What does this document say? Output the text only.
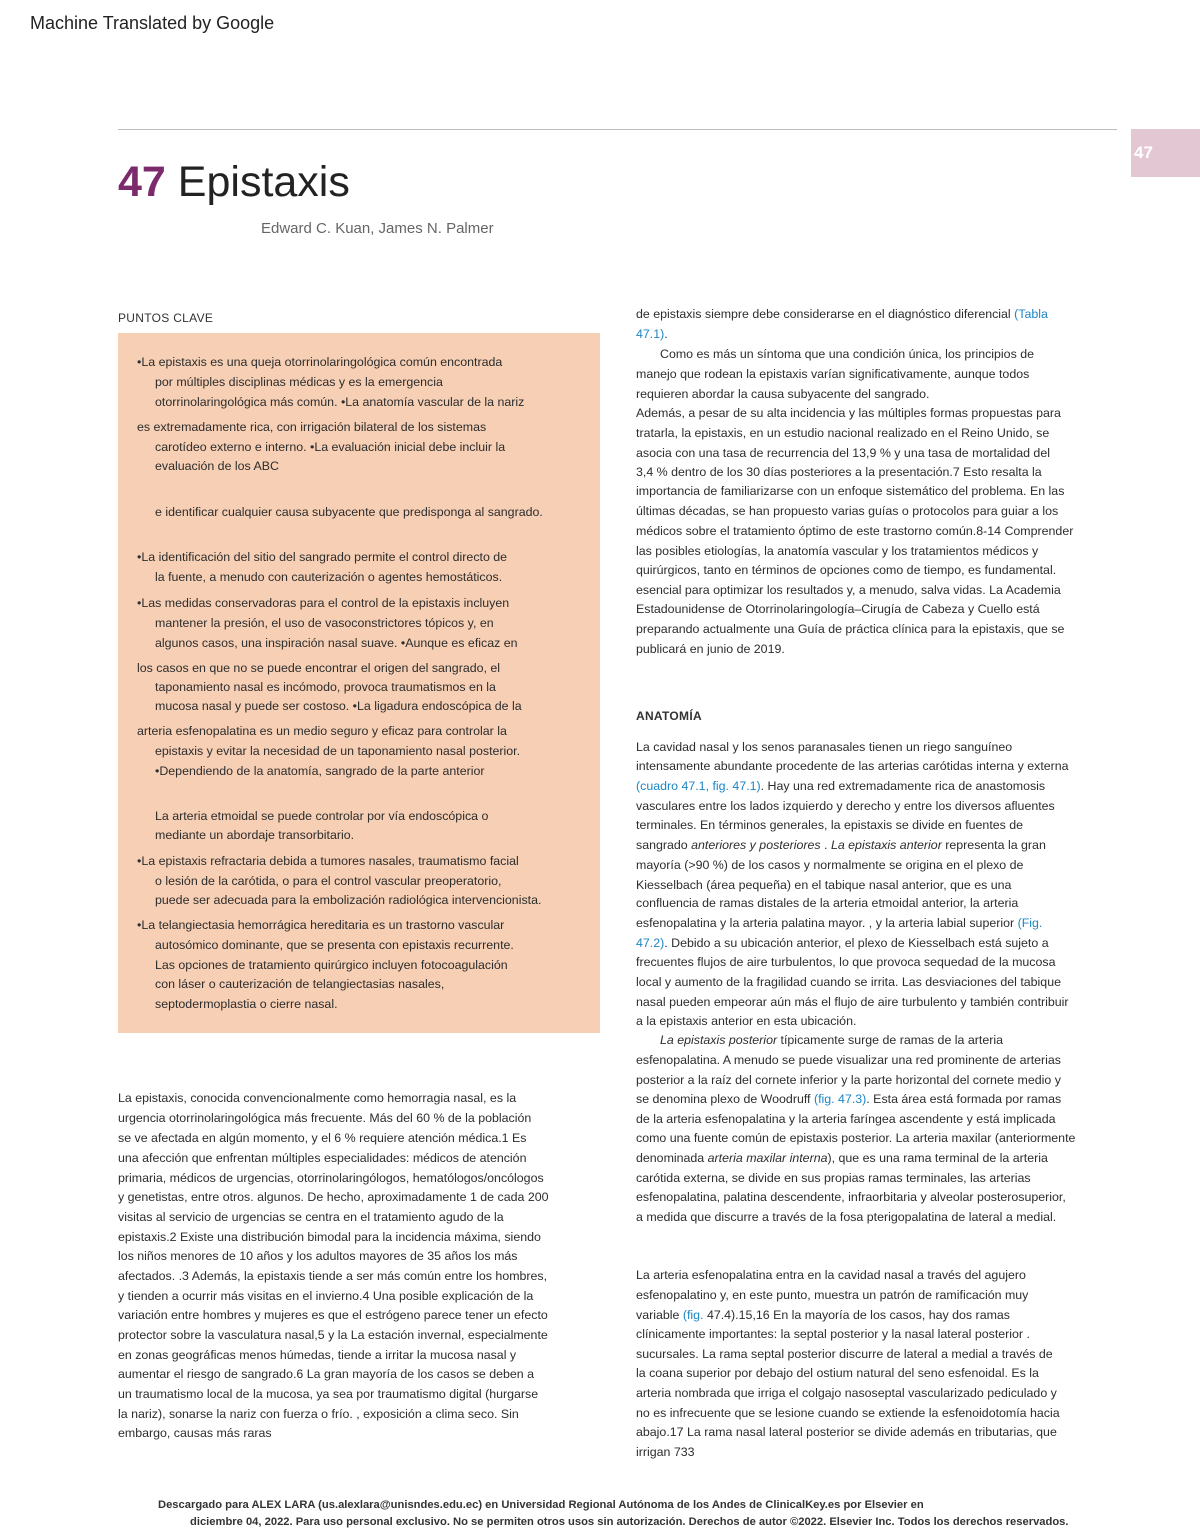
Machine Translated by Google
47
47 Epistaxis
Edward C. Kuan, James N. Palmer
PUNTOS CLAVE
•La epistaxis es una queja otorrinolaringológica común encontrada
por múltiples disciplinas médicas y es la emergencia
otorrinolaringológica más común. •La anatomía vascular de la nariz
es extremadamente rica, con irrigación bilateral de los sistemas
carotídeo externo e interno. •La evaluación inicial debe incluir la
evaluación de los ABC
e identificar cualquier causa subyacente que predisponga al sangrado.
•La identificación del sitio del sangrado permite el control directo de
la fuente, a menudo con cauterización o agentes hemostáticos.
•Las medidas conservadoras para el control de la epistaxis incluyen
mantener la presión, el uso de vasoconstrictores tópicos y, en
algunos casos, una inspiración nasal suave. •Aunque es eficaz en
los casos en que no se puede encontrar el origen del sangrado, el
taponamiento nasal es incómodo, provoca traumatismos en la
mucosa nasal y puede ser costoso. •La ligadura endoscópica de la
arteria esfenopalatina es un medio seguro y eficaz para controlar la
epistaxis y evitar la necesidad de un taponamiento nasal posterior.
•Dependiendo de la anatomía, sangrado de la parte anterior
La arteria etmoidal se puede controlar por vía endoscópica o
mediante un abordaje transorbitario.
•La epistaxis refractaria debida a tumores nasales, traumatismo facial
o lesión de la carótida, o para el control vascular preoperatorio,
puede ser adecuada para la embolización radiológica intervencionista.
•La telangiectasia hemorrágica hereditaria es un trastorno vascular
autosómico dominante, que se presenta con epistaxis recurrente.
Las opciones de tratamiento quirúrgico incluyen fotocoagulación
con láser o cauterización de telangiectasias nasales,
septodermoplastia o cierre nasal.
La epistaxis, conocida convencionalmente como hemorragia nasal, es la
urgencia otorrinolaringológica más frecuente. Más del 60 % de la población
se ve afectada en algún momento, y el 6 % requiere atención médica.1 Es
una afección que enfrentan múltiples especialidades: médicos de atención
primaria, médicos de urgencias, otorrinolaringólogos, hematólogos/oncólogos
y genetistas, entre otros. algunos. De hecho, aproximadamente 1 de cada 200
visitas al servicio de urgencias se centra en el tratamiento agudo de la
epistaxis.2 Existe una distribución bimodal para la incidencia máxima, siendo
los niños menores de 10 años y los adultos mayores de 35 años los más
afectados. .3 Además, la epistaxis tiende a ser más común entre los hombres,
y tienden a ocurrir más visitas en el invierno.4 Una posible explicación de la
variación entre hombres y mujeres es que el estrógeno parece tener un efecto
protector sobre la vasculatura nasal,5 y la La estación invernal, especialmente
en zonas geográficas menos húmedas, tiende a irritar la mucosa nasal y
aumentar el riesgo de sangrado.6 La gran mayoría de los casos se deben a
un traumatismo local de la mucosa, ya sea por traumatismo digital (hurgarse
la nariz), sonarse la nariz con fuerza o frío. , exposición a clima seco. Sin
embargo, causas más raras
de epistaxis siempre debe considerarse en el diagnóstico diferencial (Tabla
47.1).
Como es más un síntoma que una condición única, los principios de
manejo que rodean la epistaxis varían significativamente, aunque todos
requieren abordar la causa subyacente del sangrado.
Además, a pesar de su alta incidencia y las múltiples formas propuestas para
tratarla, la epistaxis, en un estudio nacional realizado en el Reino Unido, se
asocia con una tasa de recurrencia del 13,9 % y una tasa de mortalidad del
3,4 % dentro de los 30 días posteriores a la presentación.7 Esto resalta la
importancia de familiarizarse con un enfoque sistemático del problema. En las
últimas décadas, se han propuesto varias guías o protocolos para guiar a los
médicos sobre el tratamiento óptimo de este trastorno común.8-14 Comprender
las posibles etiologías, la anatomía vascular y los tratamientos médicos y
quirúrgicos, tanto en términos de opciones como de tiempo, es fundamental.
esencial para optimizar los resultados y, a menudo, salva vidas. La Academia
Estadounidense de Otorrinolaringología–Cirugía de Cabeza y Cuello está
preparando actualmente una Guía de práctica clínica para la epistaxis, que se
publicará en junio de 2019.
ANATOMÍA
La cavidad nasal y los senos paranasales tienen un riego sanguíneo
intensamente abundante procedente de las arterias carótidas interna y externa
(cuadro 47.1, fig. 47.1). Hay una red extremadamente rica de anastomosis
vasculares entre los lados izquierdo y derecho y entre los diversos afluentes
terminales. En términos generales, la epistaxis se divide en fuentes de
sangrado anteriores y posteriores . La epistaxis anterior representa la gran
mayoría (>90 %) de los casos y normalmente se origina en el plexo de
Kiesselbach (área pequeña) en el tabique nasal anterior, que es una
confluencia de ramas distales de la arteria etmoidal anterior, la arteria
esfenopalatina y la arteria palatina mayor. , y la arteria labial superior (Fig.
47.2). Debido a su ubicación anterior, el plexo de Kiesselbach está sujeto a
frecuentes flujos de aire turbulentos, lo que provoca sequedad de la mucosa
local y aumento de la fragilidad cuando se irrita. Las desviaciones del tabique
nasal pueden empeorar aún más el flujo de aire turbulento y también contribuir
a la epistaxis anterior en esta ubicación.
La epistaxis posterior típicamente surge de ramas de la arteria
esfenopalatina. A menudo se puede visualizar una red prominente de arterias
posterior a la raíz del cornete inferior y la parte horizontal del cornete medio y
se denomina plexo de Woodruff (fig. 47.3). Esta área está formada por ramas
de la arteria esfenopalatina y la arteria faríngea ascendente y está implicada
como una fuente común de epistaxis posterior. La arteria maxilar (anteriormente
denominada arteria maxilar interna), que es una rama terminal de la arteria
carótida externa, se divide en sus propias ramas terminales, las arterias
esfenopalatina, palatina descendente, infraorbitaria y alveolar posterosuperior,
a medida que discurre a través de la fosa pterigopalatina de lateral a medial.
La arteria esfenopalatina entra en la cavidad nasal a través del agujero
esfenopalatino y, en este punto, muestra un patrón de ramificación muy
variable (fig. 47.4).15,16 En la mayoría de los casos, hay dos ramas
clínicamente importantes: la septal posterior y la nasal lateral posterior .
sucursales. La rama septal posterior discurre de lateral a medial a través de
la coana superior por debajo del ostium natural del seno esfenoidal. Es la
arteria nombrada que irriga el colgajo nasoseptal vascularizado pediculado y
no es infrecuente que se lesione cuando se extiende la esfenoidotomía hacia
abajo.17 La rama nasal lateral posterior se divide además en tributarias, que
irrigan 733
Descargado para ALEX LARA (us.alexlara@unisndes.edu.ec) en Universidad Regional Autónoma de los Andes de ClinicalKey.es por Elsevier en
diciembre 04, 2022. Para uso personal exclusivo. No se permiten otros usos sin autorización. Derechos de autor ©2022. Elsevier Inc. Todos los derechos reservados.
